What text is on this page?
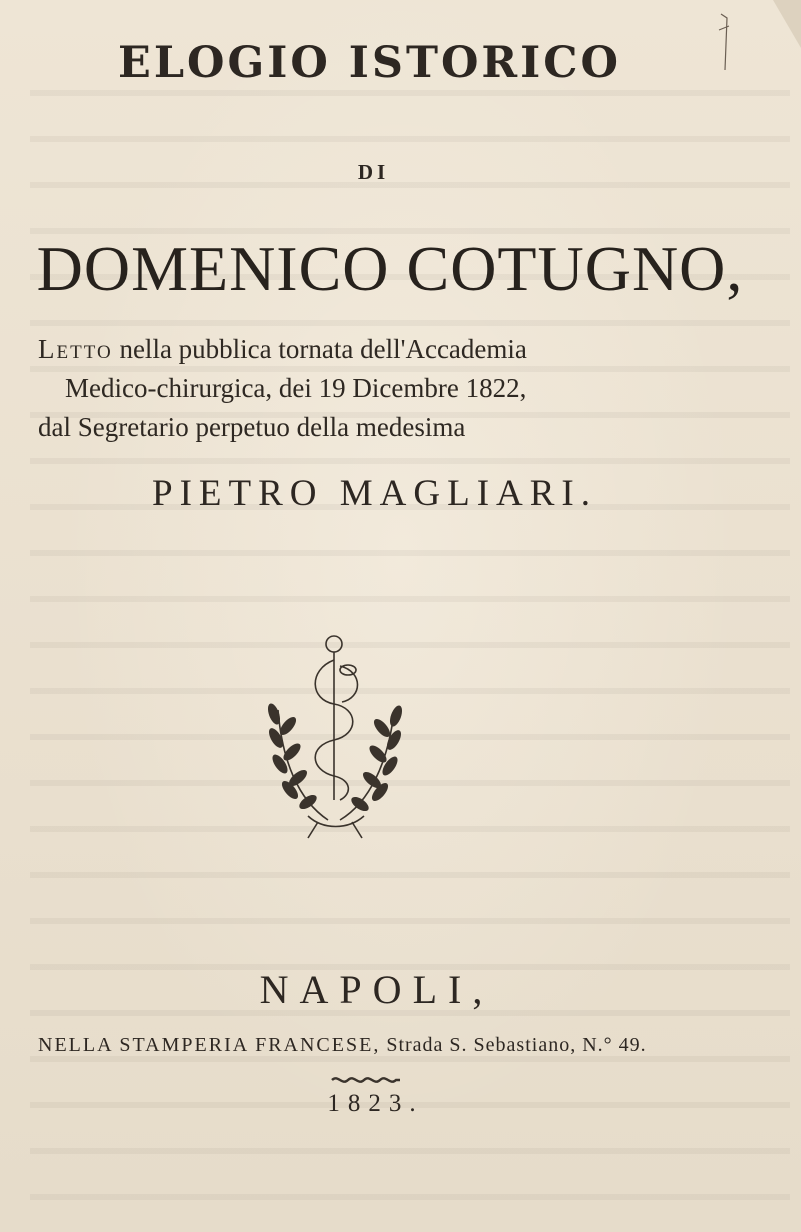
ELOGIO ISTORICO
DI
DOMENICO COTUGNO,
Letto nella pubblica tornata dell'Accademia
Medico-chirurgica, dei 19 Dicembre 1822,
dal Segretario perpetuo della medesima
PIETRO MAGLIARI.
NAPOLI,
NELLA STAMPERIA FRANCESE, Strada S. Sebastiano, N.° 49.
1823.
